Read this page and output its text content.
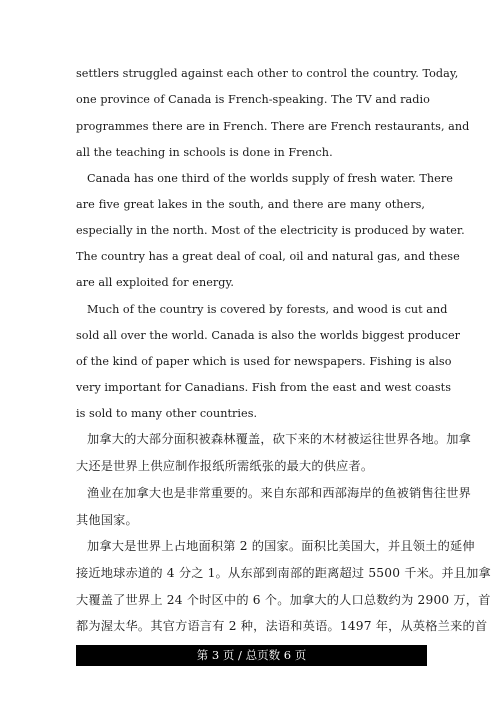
settlers struggled against each other to control the country. Today,
one province of Canada is French-speaking. The TV and radio
programmes there are in French. There are French restaurants, and
all the teaching in schools is done in French.
Canada has one third of the worlds supply of fresh water. There
are five great lakes in the south, and there are many others,
especially in the north. Most of the electricity is produced by water.
The country has a great deal of coal, oil and natural gas, and these
are all exploited for energy.
Much of the country is covered by forests, and wood is cut and
sold all over the world. Canada is also the worlds biggest producer
of the kind of paper which is used for newspapers. Fishing is also
very important for Canadians. Fish from the east and west coasts
is sold to many other countries.
加拿大的大部分面积被森林覆盖，砍下来的木材被运往世界各地。加拿
大还是世界上供应制作报纸所需纸张的最大的供应者。
渔业在加拿大也是非常重要的。来自东部和西部海岸的鱼被销售往世界
其他国家。
加拿大是世界上占地面积第 2 的国家。面积比美国大，并且领土的延伸
接近地球赤道的 4 分之 1。从东部到南部的距离超过 5500 千米。并且加拿
大覆盖了世界上 24 个时区中的 6 个。加拿大的人口总数约为 2900 万，首
都为渥太华。其官方语言有 2 种，法语和英语。1497 年，从英格兰来的首
第 3 页 / 总页数 6 页
